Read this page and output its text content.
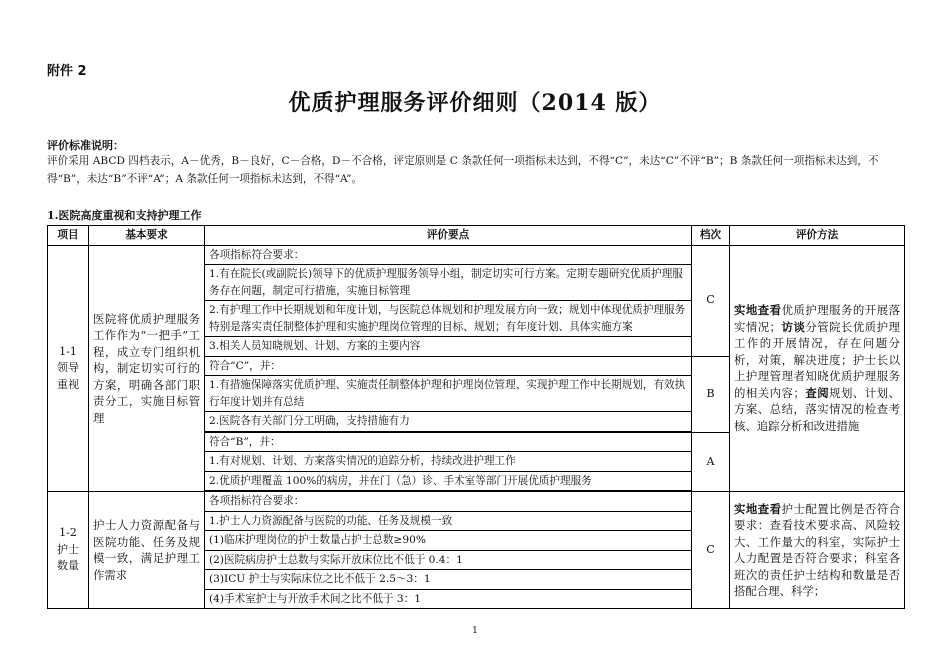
附件 2
优质护理服务评价细则（2014 版）
评价标准说明：
评价采用 ABCD 四档表示，A－优秀，B－良好，C－合格，D－不合格，评定原则是 C 条款任何一项指标未达到，不得“C”，未达“C”不评“B”；B 条款任何一项指标未达到，不得“B”，未达“B”不评“A”；A 条款任何一项指标未达到，不得“A”。
1.医院高度重视和支持护理工作
项目	基本要求	评价要点	档次	评价方法
1-1
领导
重视	医院将优质护理服务工作作为“一把手”工程，成立专门组织机构，制定切实可行的方案，明确各部门职责分工，实施目标管理	各项指标符合要求：	C	实地查看优质护理服务的开展落实情况；访谈分管院长优质护理工作的开展情况，存在问题分析，对策，解决进度；护士长以上护理管理者知晓优质护理服务的相关内容；查阅规划、计划、方案、总结，落实情况的检查考核、追踪分析和改进措施
		1.有在院长(或副院长)领导下的优质护理服务领导小组，制定切实可行方案。定期专题研究优质护理服务存在问题，制定可行措施，实施目标管理		
		2.有护理工作中长期规划和年度计划，与医院总体规划和护理发展方向一致；规划中体现优质护理服务特别是落实责任制整体护理和实施护理岗位管理的目标、规划；有年度计划、具体实施方案		
		3.相关人员知晓规划、计划、方案的主要内容		
		符合“C”，并：	B	
		1.有措施保障落实优质护理、实施责任制整体护理和护理岗位管理、实现护理工作中长期规划，有效执行年度计划并有总结		
		2.医院各有关部门分工明确，支持措施有力		

		符合“B”，并：	A	
		1.有对规划、计划、方案落实情况的追踪分析，持续改进护理工作		
		2.优质护理覆盖 100%的病房，并在门（急）诊、手术室等部门开展优质护理服务		

1-2
护士
数量	护士人力资源配备与医院功能、任务及规模一致，满足护理工作需求	各项指标符合要求：	C	实地查看护士配置比例是否符合要求：查看技术要求高、风险较大、工作量大的科室，实际护士人力配置是否符合要求；科室各班次的责任护士结构和数量是否搭配合理、科学；
		1.护士人力资源配备与医院的功能、任务及规模一致		
		(1)临床护理岗位的护士数量占护士总数≥90%		
		(2)医院病房护士总数与实际开放床位比不低于 0.4：1		
		(3)ICU 护士与实际床位之比不低于 2.5～3：1		
		(4)手术室护士与开放手术间之比不低于 3：1		
1
